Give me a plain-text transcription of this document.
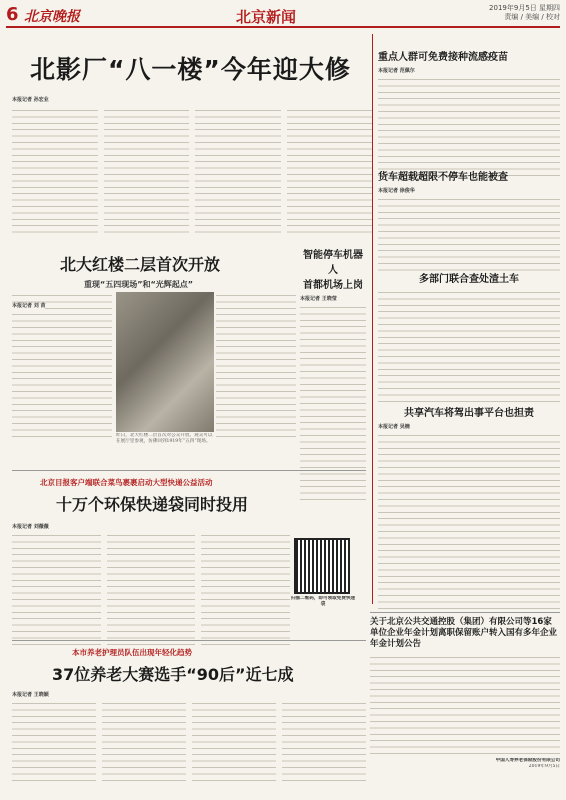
6 北京晚报	北京新闻	2019年9月5日 星期四
责编 / 美编 / 校对
北影厂“八一楼”今年迎大修
本报记者 孙宏业

北大红楼二层首次开放
重现“五四现场”和“光辉起点”
本报记者 刘 苗

昨日，北大红楼二层首次对公众开放。观众可以在展厅里参观，仿佛回到1919年“五四”现场。

智能停车机器人
首都机场上岗
本报记者 王晓莹
重点人群可免费接种流感疫苗
本报记者 范佩尔
货车超载超限不停车也能被查
本报记者 徐俊华
多部门联合查处渣土车
共享汽车将驾出事平台也担责
本报记者 吴楠
北京目报客户端联合菜鸟裹裹启动大型快递公益活动
十万个环保快递袋同时投用
本报记者 刘薇薇

扫描二维码，即可领取免费快递袋

本市养老护理员队伍出现年轻化趋势
37位养老大赛选手“90后”近七成
本报记者 王晓颖
关于北京公共交通控股（集团）有限公司等16家单位企业年金计划离职保留账户转入国有多年企业年金计划公告
中国人寿养老保险股份有限公司
2019年9月5日
